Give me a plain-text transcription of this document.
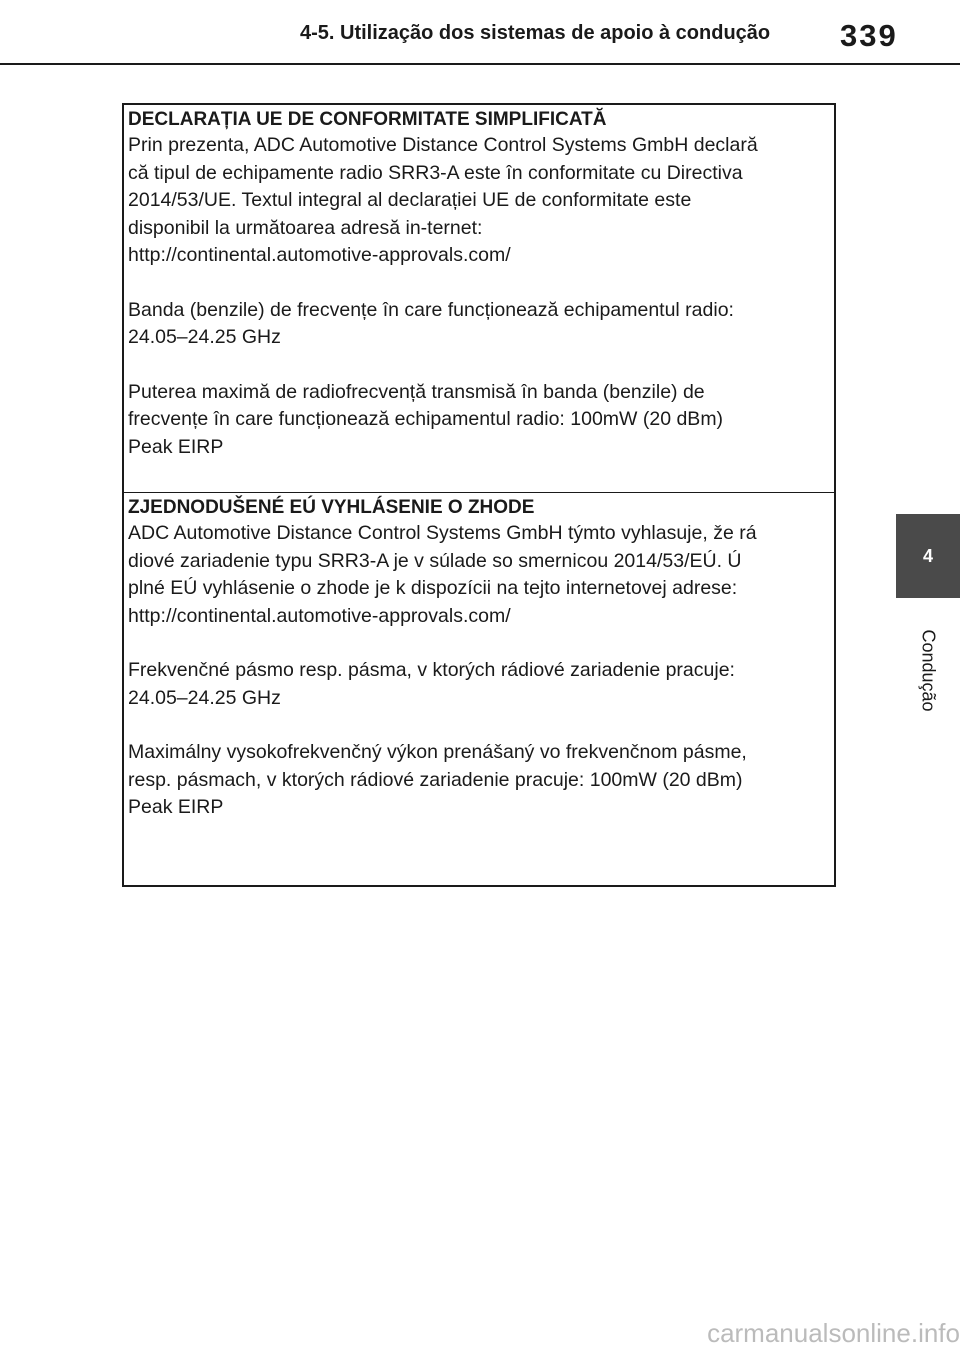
4-5. Utilização dos sistemas de apoio à condução	339
4
Condução
DECLARAȚIA UE DE CONFORMITATE SIMPLIFICATĂ

Prin prezenta, ADC Automotive Distance Control Systems GmbH declară
că tipul de echipamente radio SRR3-A este în conformitate cu Directiva
2014/53/UE. Textul integral al declarației UE de conformitate este
disponibil la următoarea adresă in-ternet:
http://continental.automotive-approvals.com/

Banda (benzile) de frecvențe în care funcționează echipamentul radio:
24.05–24.25 GHz

Puterea maximă de radiofrecvență transmisă în banda (benzile) de
frecvențe în care funcționează echipamentul radio: 100mW (20 dBm)
Peak EIRP

ZJEDNODUŠENÉ EÚ VYHLÁSENIE O ZHODE

ADC Automotive Distance Control Systems GmbH týmto vyhlasuje, že rá
diové zariadenie typu SRR3-A je v súlade so smernicou 2014/53/EÚ. Ú
plné EÚ vyhlásenie o zhode je k dispozícii na tejto internetovej adrese:
http://continental.automotive-approvals.com/

Frekvenčné pásmo resp. pásma, v ktorých rádiové zariadenie pracuje:
24.05–24.25 GHz

Maximálny vysokofrekvenčný výkon prenášaný vo frekvenčnom pásme,
resp. pásmach, v ktorých rádiové zariadenie pracuje: 100mW (20 dBm)
Peak EIRP

carmanualsonline.info
